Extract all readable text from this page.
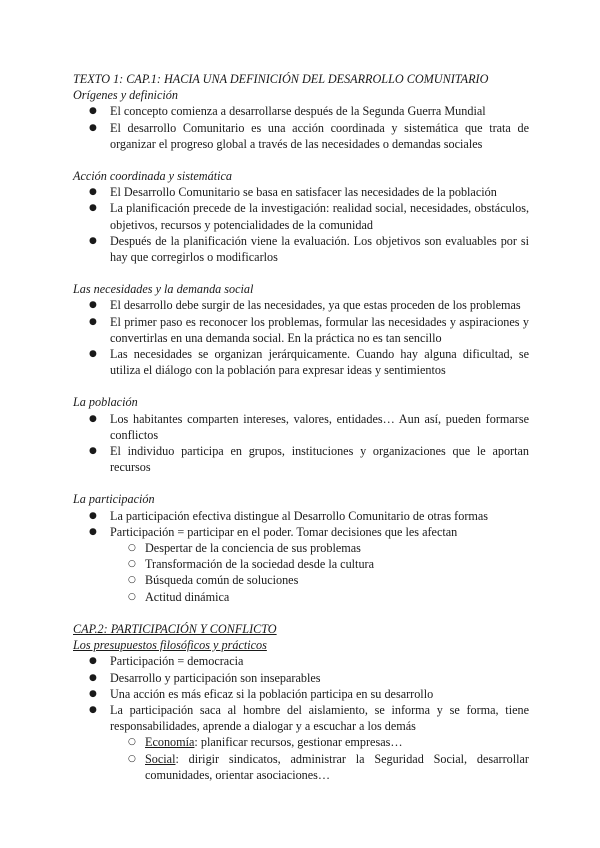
TEXTO 1: CAP.1: HACIA UNA DEFINICIÓN DEL DESARROLLO COMUNITARIO

Orígenes y definición

● El concepto comienza a desarrollarse después de la Segunda Guerra Mundial
● El desarrollo Comunitario es una acción coordinada y sistemática que trata de organizar el progreso global a través de las necesidades o demandas sociales

Acción coordinada y sistemática

● El Desarrollo Comunitario se basa en satisfacer las necesidades de la población
● La planificación precede de la investigación: realidad social, necesidades, obstáculos, objetivos, recursos y potencialidades de la comunidad
● Después de la planificación viene la evaluación. Los objetivos son evaluables por si hay que corregirlos o modificarlos

Las necesidades y la demanda social

● El desarrollo debe surgir de las necesidades, ya que estas proceden de los problemas
● El primer paso es reconocer los problemas, formular las necesidades y aspiraciones y convertirlas en una demanda social. En la práctica no es tan sencillo
● Las necesidades se organizan jerárquicamente. Cuando hay alguna dificultad, se utiliza el diálogo con la población para expresar ideas y sentimientos

La población

● Los habitantes comparten intereses, valores, entidades… Aun así, pueden formarse conflictos
● El individuo participa en grupos, instituciones y organizaciones que le aportan recursos

La participación

● La participación efectiva distingue al Desarrollo Comunitario de otras formas
● Participación = participar en el poder. Tomar decisiones que les afectan
○ Despertar de la conciencia de sus problemas
○ Transformación de la sociedad desde la cultura
○ Búsqueda común de soluciones
○ Actitud dinámica

CAP.2: PARTICIPACIÓN Y CONFLICTO

Los presupuestos filosóficos y prácticos

● Participación = democracia
● Desarrollo y participación son inseparables
● Una acción es más eficaz si la población participa en su desarrollo
● La participación saca al hombre del aislamiento, se informa y se forma, tiene responsabilidades, aprende a dialogar y a escuchar a los demás
○ Economía: planificar recursos, gestionar empresas…
○ Social: dirigir sindicatos, administrar la Seguridad Social, desarrollar comunidades, orientar asociaciones…
